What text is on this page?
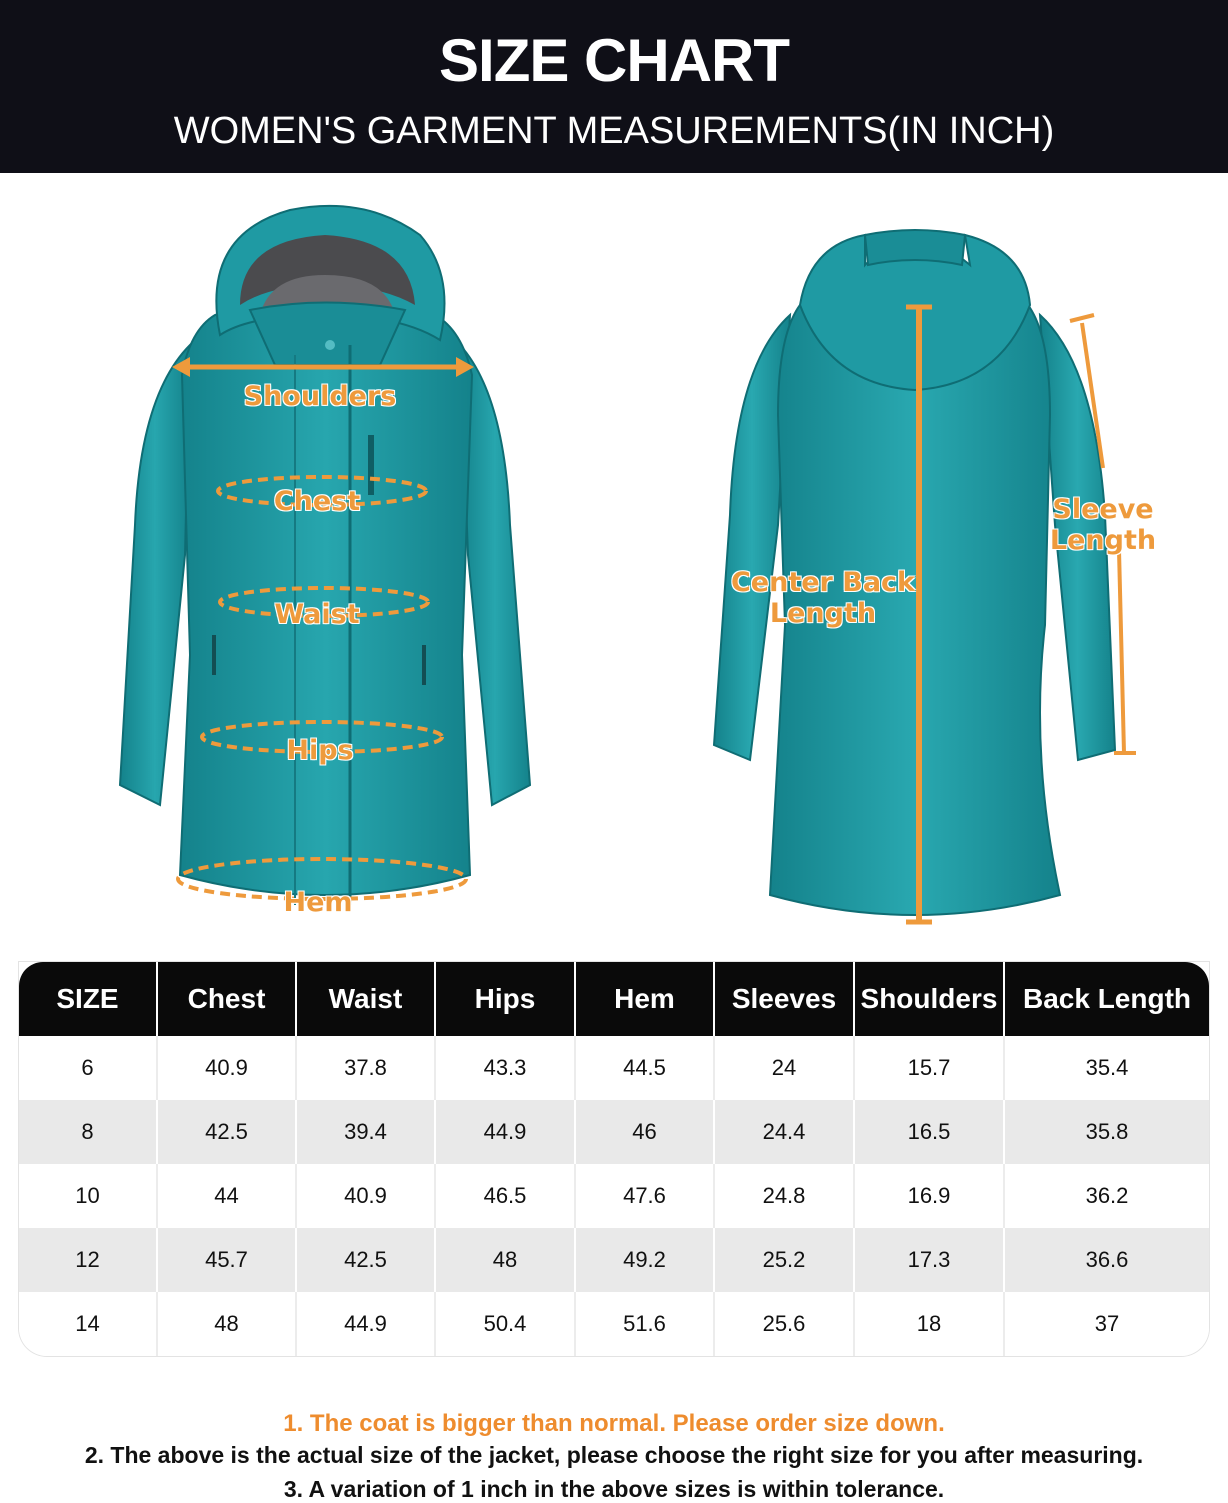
SIZE CHART
WOMEN'S GARMENT MEASUREMENTS(IN INCH)
Shoulders
Chest
Waist
Hips
Hem
Center Back
Length
Sleeve
Length
SIZE	Chest	Waist	Hips	Hem	Sleeves	Shoulders	Back Length
6	40.9	37.8	43.3	44.5	24	15.7	35.4
8	42.5	39.4	44.9	46	24.4	16.5	35.8
10	44	40.9	46.5	47.6	24.8	16.9	36.2
12	45.7	42.5	48	49.2	25.2	17.3	36.6
14	48	44.9	50.4	51.6	25.6	18	37
1. The coat is bigger than normal. Please order size down.
2. The above is the actual size of the jacket, please choose the right size for you after measuring.
3. A variation of 1 inch in the above sizes is within tolerance.
